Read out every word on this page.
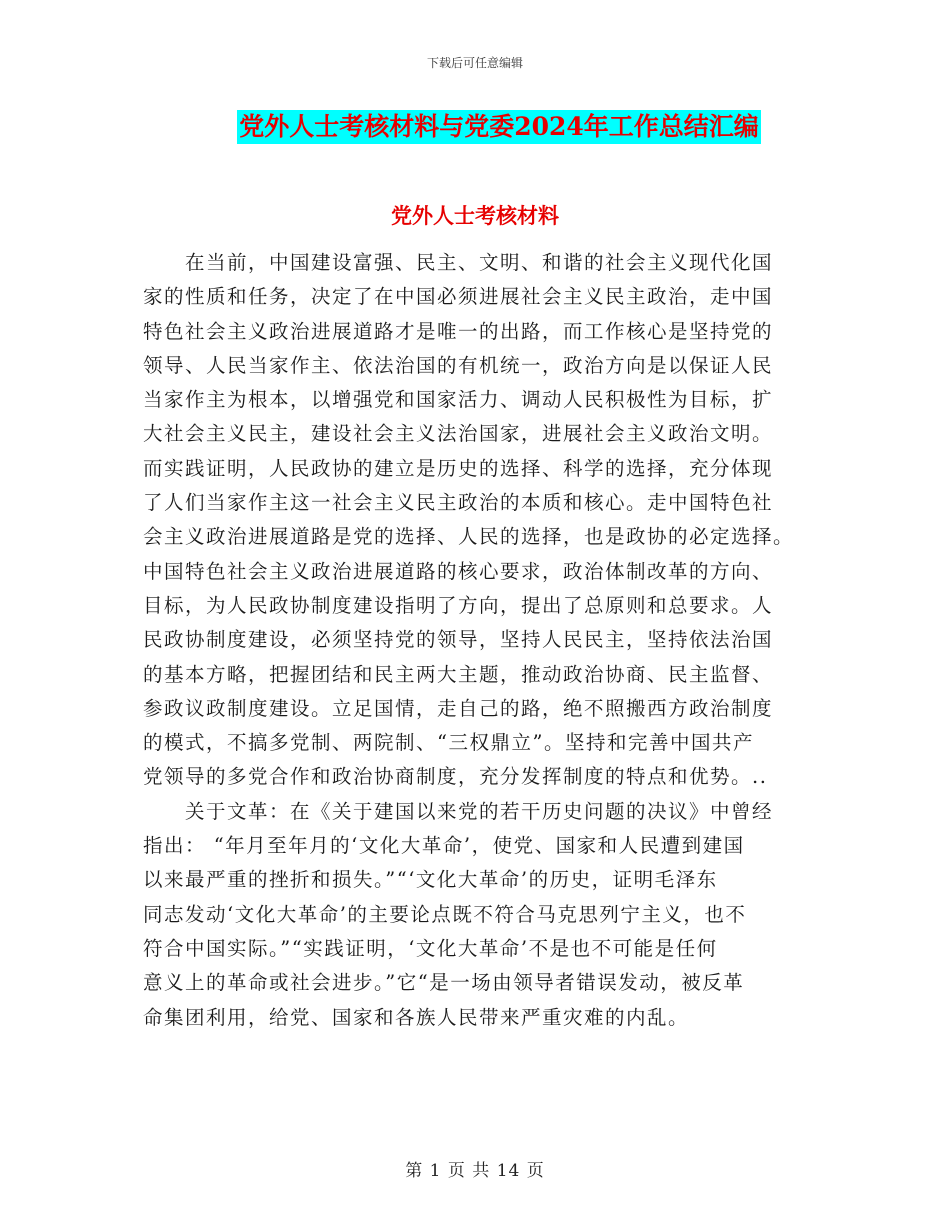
下载后可任意编辑
党外人士考核材料与党委2024年工作总结汇编
党外人士考核材料
在当前，中国建设富强、民主、文明、和谐的社会主义现代化国
家的性质和任务，决定了在中国必须进展社会主义民主政治，走中国
特色社会主义政治进展道路才是唯一的出路，而工作核心是坚持党的
领导、人民当家作主、依法治国的有机统一，政治方向是以保证人民
当家作主为根本，以增强党和国家活力、调动人民积极性为目标，扩
大社会主义民主，建设社会主义法治国家，进展社会主义政治文明。
而实践证明，人民政协的建立是历史的选择、科学的选择，充分体现
了人们当家作主这一社会主义民主政治的本质和核心。走中国特色社
会主义政治进展道路是党的选择、人民的选择，也是政协的必定选择。
中国特色社会主义政治进展道路的核心要求，政治体制改革的方向、
目标，为人民政协制度建设指明了方向，提出了总原则和总要求。人
民政协制度建设，必须坚持党的领导，坚持人民民主，坚持依法治国
的基本方略，把握团结和民主两大主题，推动政治协商、民主监督、
参政议政制度建设。立足国情，走自己的路，绝不照搬西方政治制度
的模式，不搞多党制、两院制、“三权鼎立”。坚持和完善中国共产
党领导的多党合作和政治协商制度，充分发挥制度的特点和优势。..
关于文革：在《关于建国以来党的若干历史问题的决议》中曾经
指出： “年月至年月的‘文化大革命’，使党、国家和人民遭到建国
以来最严重的挫折和损失。”“‘文化大革命’的历史，证明毛泽东
同志发动‘文化大革命’的主要论点既不符合马克思列宁主义，也不
符合中国实际。”“实践证明，‘文化大革命’不是也不可能是任何
意义上的革命或社会进步。”它“是一场由领导者错误发动，被反革
命集团利用，给党、国家和各族人民带来严重灾难的内乱。
第 1 页 共 14 页
